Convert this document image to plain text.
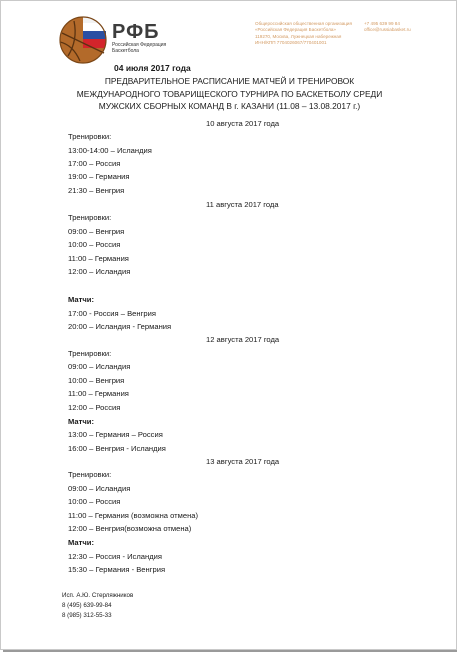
РФБ
Российская Федерация Баскетбола
Общероссийская общественная организация
«Российская Федерация Баскетбола»
119270, Москва, Лужнецкая набережная
ИНН/КПП 7704026067/770401001
+7 495 639 99 84
office@russiabasket.ru
04 июля 2017 года
ПРЕДВАРИТЕЛЬНОЕ РАСПИСАНИЕ МАТЧЕЙ И ТРЕНИРОВОК
МЕЖДУНАРОДНОГО ТОВАРИЩЕСКОГО ТУРНИРА ПО БАСКЕТБОЛУ СРЕДИ
МУЖСКИХ СБОРНЫХ КОМАНД В г. КАЗАНИ (11.08 – 13.08.2017 г.)
10 августа 2017 года
Тренировки:
13:00-14:00 – Исландия
17:00 – Россия
19:00 – Германия
21:30 – Венгрия
11 августа 2017 года
Тренировки:
09:00 – Венгрия
10:00 – Россия
11:00 – Германия
12:00 – Исландия
Матчи:
17:00 - Россия – Венгрия
20:00 – Исландия - Германия
12 августа 2017 года
Тренировки:
09:00 – Исландия
10:00 – Венгрия
11:00 – Германия
12:00 – Россия
Матчи:
13:00 – Германия – Россия
16:00 – Венгрия - Исландия
13 августа 2017 года
Тренировки:
09:00 – Исландия
10:00 – Россия
11:00 – Германия (возможна отмена)
12:00 – Венгрия(возможна отмена)
Матчи:
12:30 – Россия - Исландия
15:30 – Германия - Венгрия
Исп. А.Ю. Стерляжников
8 (495) 639-99-84
8 (985) 312-55-33
